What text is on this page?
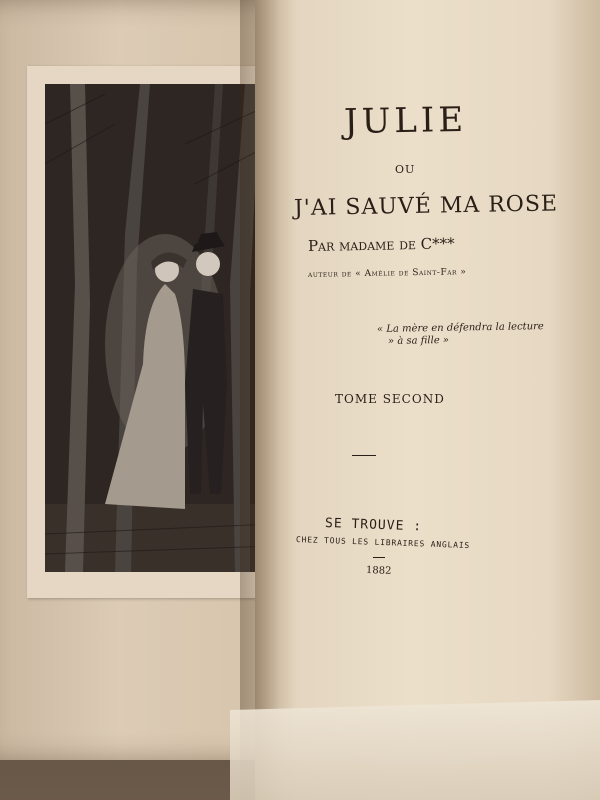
JULIE
OU
J'AI SAUVÉ MA ROSE
Par madame de C***
auteur de « Amélie de Saint-Far »
« La mère en défendra la lecture
» à sa fille »
TOME SECOND
SE TROUVE :
CHEZ TOUS LES LIBRAIRES ANGLAIS
1882
